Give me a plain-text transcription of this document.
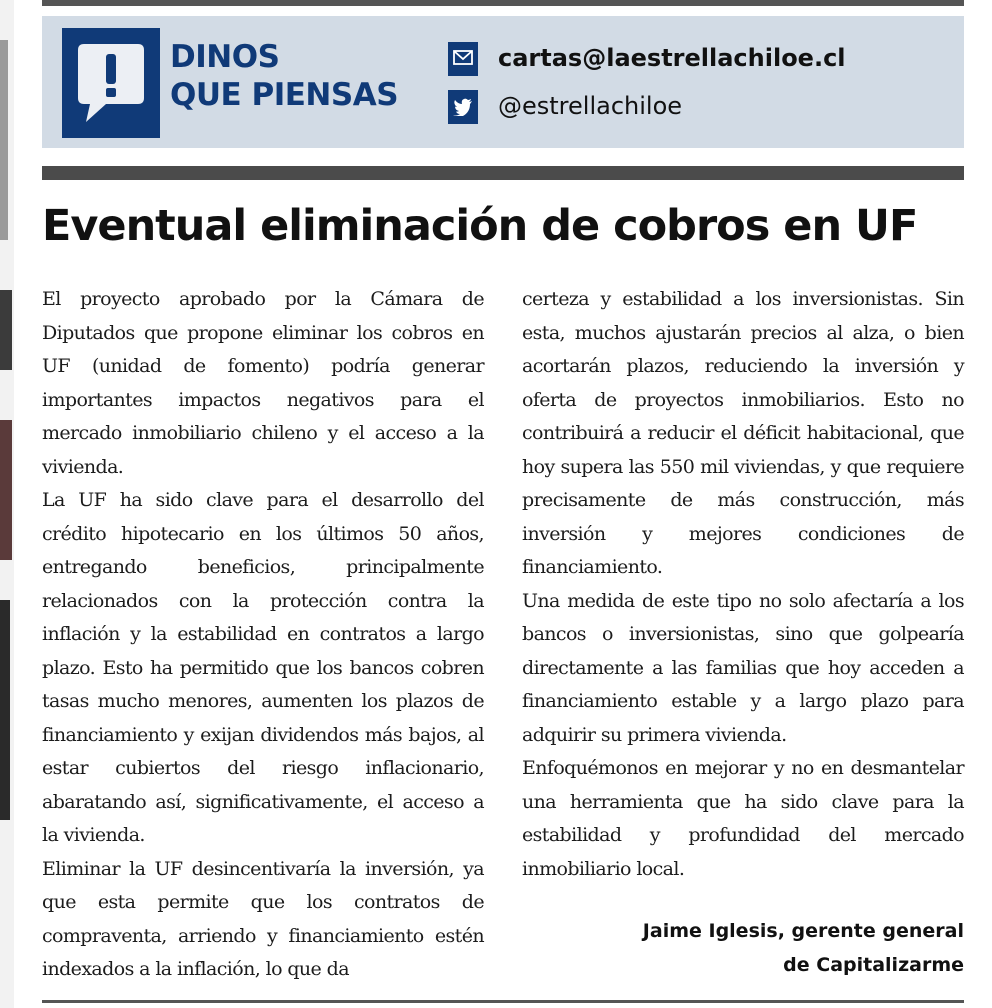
DINOS
QUE PIENSAS
cartas@laestrellachiloe.cl
@estrellachiloe
Eventual eliminación de cobros en UF

El proyecto aprobado por la Cámara de Diputados que propone eliminar los cobros en UF (unidad de fomento) podría generar importantes impactos negativos para el mercado inmobiliario chileno y el acceso a la vivienda.

La UF ha sido clave para el desarrollo del crédito hipotecario en los últimos 50 años, entregando beneficios, principalmente relacionados con la protección contra la inflación y la estabilidad en contratos a largo plazo. Esto ha permitido que los bancos cobren tasas mucho menores, aumenten los plazos de financiamiento y exijan dividendos más bajos, al estar cubiertos del riesgo inflacionario, abaratando así, significativamente, el acceso a la vivienda.

Eliminar la UF desincentivaría la inversión, ya que esta permite que los contratos de compraventa, arriendo y financiamiento estén indexados a la inflación, lo que da

certeza y estabilidad a los inversionistas. Sin esta, muchos ajustarán precios al alza, o bien acortarán plazos, reduciendo la inversión y oferta de proyectos inmobiliarios. Esto no contribuirá a reducir el déficit habitacional, que hoy supera las 550 mil viviendas, y que requiere precisamente de más construcción, más inversión y mejores condiciones de financiamiento.

Una medida de este tipo no solo afectaría a los bancos o inversionistas, sino que golpearía directamente a las familias que hoy acceden a financiamiento estable y a largo plazo para adquirir su primera vivienda.

Enfoquémonos en mejorar y no en desmantelar una herramienta que ha sido clave para la estabilidad y profundidad del mercado inmobiliario local.

Jaime Iglesis, gerente general
de Capitalizarme
